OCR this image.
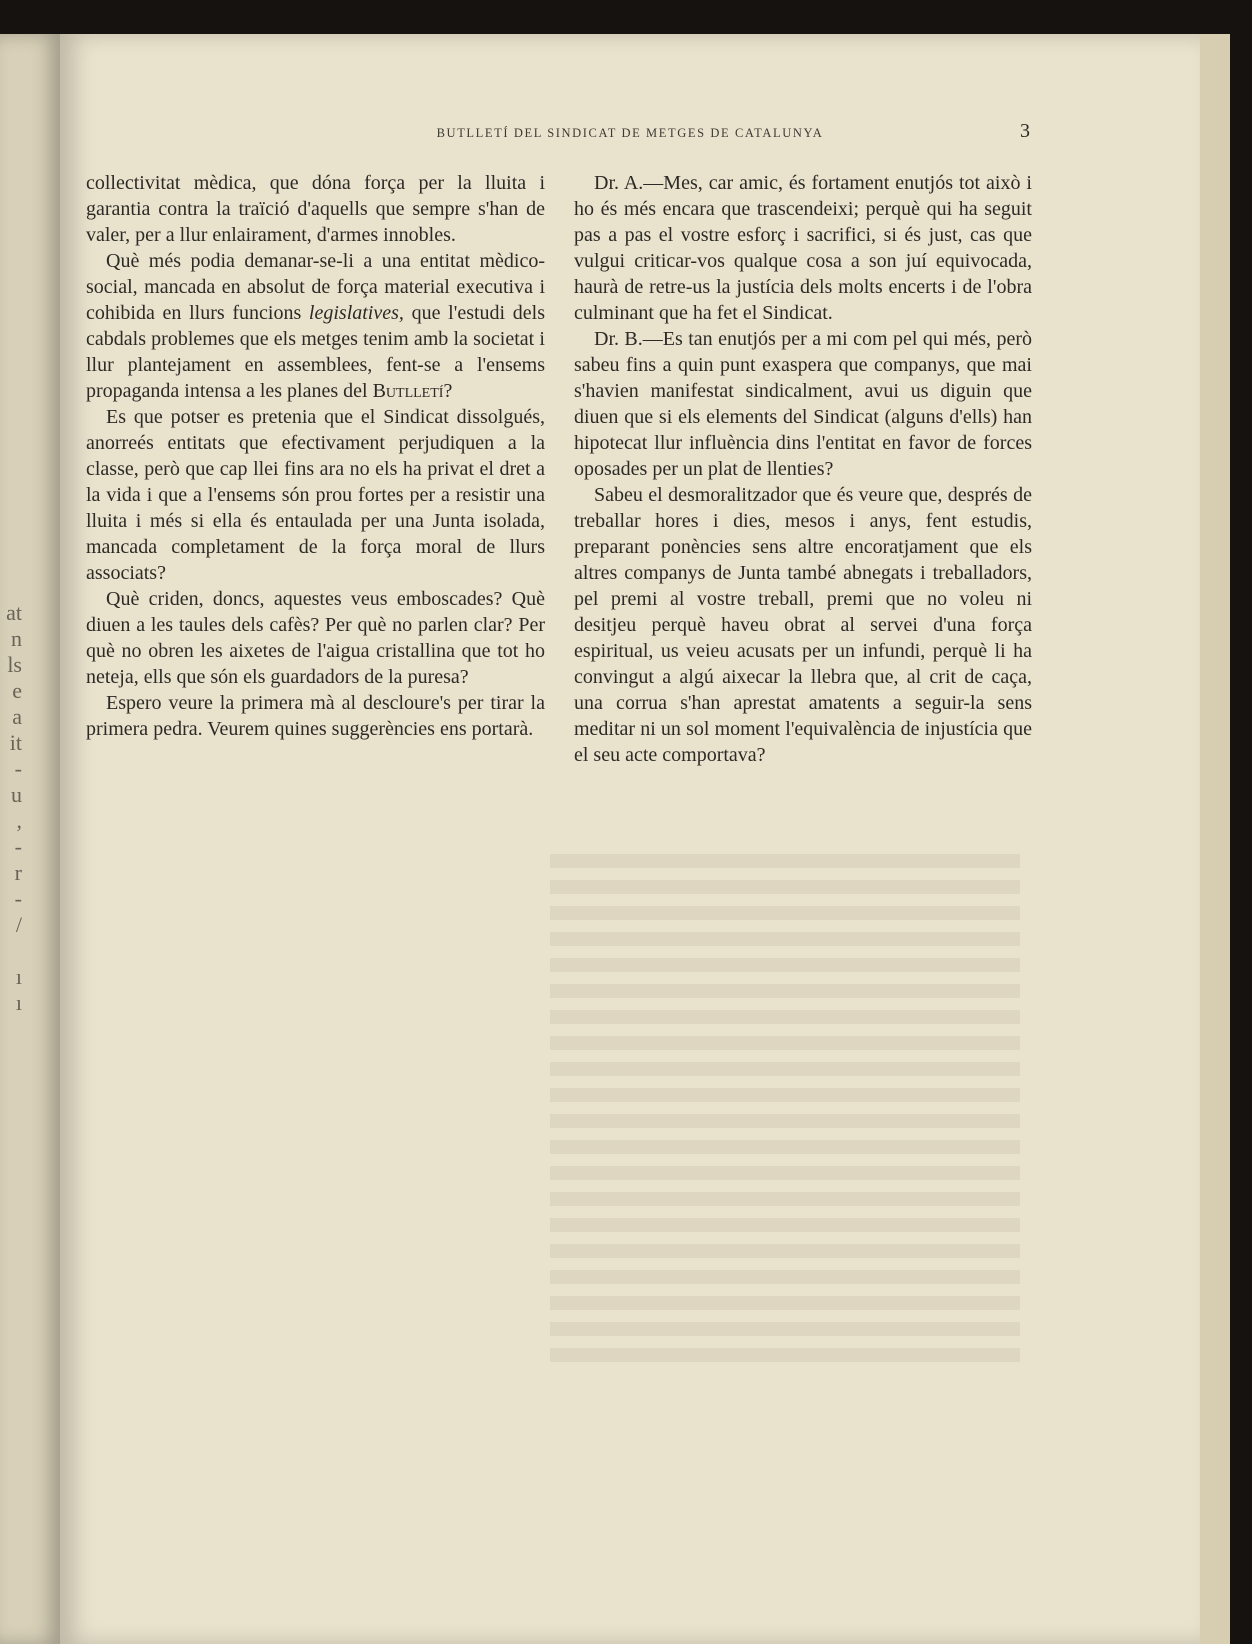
at
n
ls
e
a
it
-
u
,
-
r
-
/
ı
ı
BUTLLETÍ DEL SINDICAT DE METGES DE CATALUNYA	3

collectivitat mèdica, que dóna força per la lluita i garantia contra la traïció d'aquells que sempre s'han de valer, per a llur enlairament, d'armes innobles.

Què més podia demanar-se-li a una entitat mèdico-social, mancada en absolut de força material executiva i cohibida en llurs funcions legislatives, que l'estudi dels cabdals problemes que els metges tenim amb la societat i llur plantejament en assemblees, fent-se a l'ensems propaganda intensa a les planes del Butlletí?

Es que potser es pretenia que el Sindicat dissolgués, anorreés entitats que efectivament perjudiquen a la classe, però que cap llei fins ara no els ha privat el dret a la vida i que a l'ensems són prou fortes per a resistir una lluita i més si ella és entaulada per una Junta isolada, mancada completament de la força moral de llurs associats?

Què criden, doncs, aquestes veus emboscades? Què diuen a les taules dels cafès? Per què no parlen clar? Per què no obren les aixetes de l'aigua cristallina que tot ho neteja, ells que són els guardadors de la puresa?

Espero veure la primera mà al descloure's per tirar la primera pedra. Veurem quines suggerències ens portarà.

Dr. A.—Mes, car amic, és fortament enutjós tot això i ho és més encara que trascendeixi; perquè qui ha seguit pas a pas el vostre esforç i sacrifici, si és just, cas que vulgui criticar-vos qualque cosa a son juí equivocada, haurà de retre-us la justícia dels molts encerts i de l'obra culminant que ha fet el Sindicat.

Dr. B.—Es tan enutjós per a mi com pel qui més, però sabeu fins a quin punt exaspera que companys, que mai s'havien manifestat sindicalment, avui us diguin que diuen que si els elements del Sindicat (alguns d'ells) han hipotecat llur influència dins l'entitat en favor de forces oposades per un plat de llenties?

Sabeu el desmoralitzador que és veure que, després de treballar hores i dies, mesos i anys, fent estudis, preparant ponències sens altre encoratjament que els altres companys de Junta també abnegats i treballadors, pel premi al vostre treball, premi que no voleu ni desitjeu perquè haveu obrat al servei d'una força espiritual, us veieu acusats per un infundi, perquè li ha convingut a algú aixecar la llebra que, al crit de caça, una corrua s'han aprestat amatents a seguir-la sens meditar ni un sol moment l'equivalència de injustícia que el seu acte comportava?
